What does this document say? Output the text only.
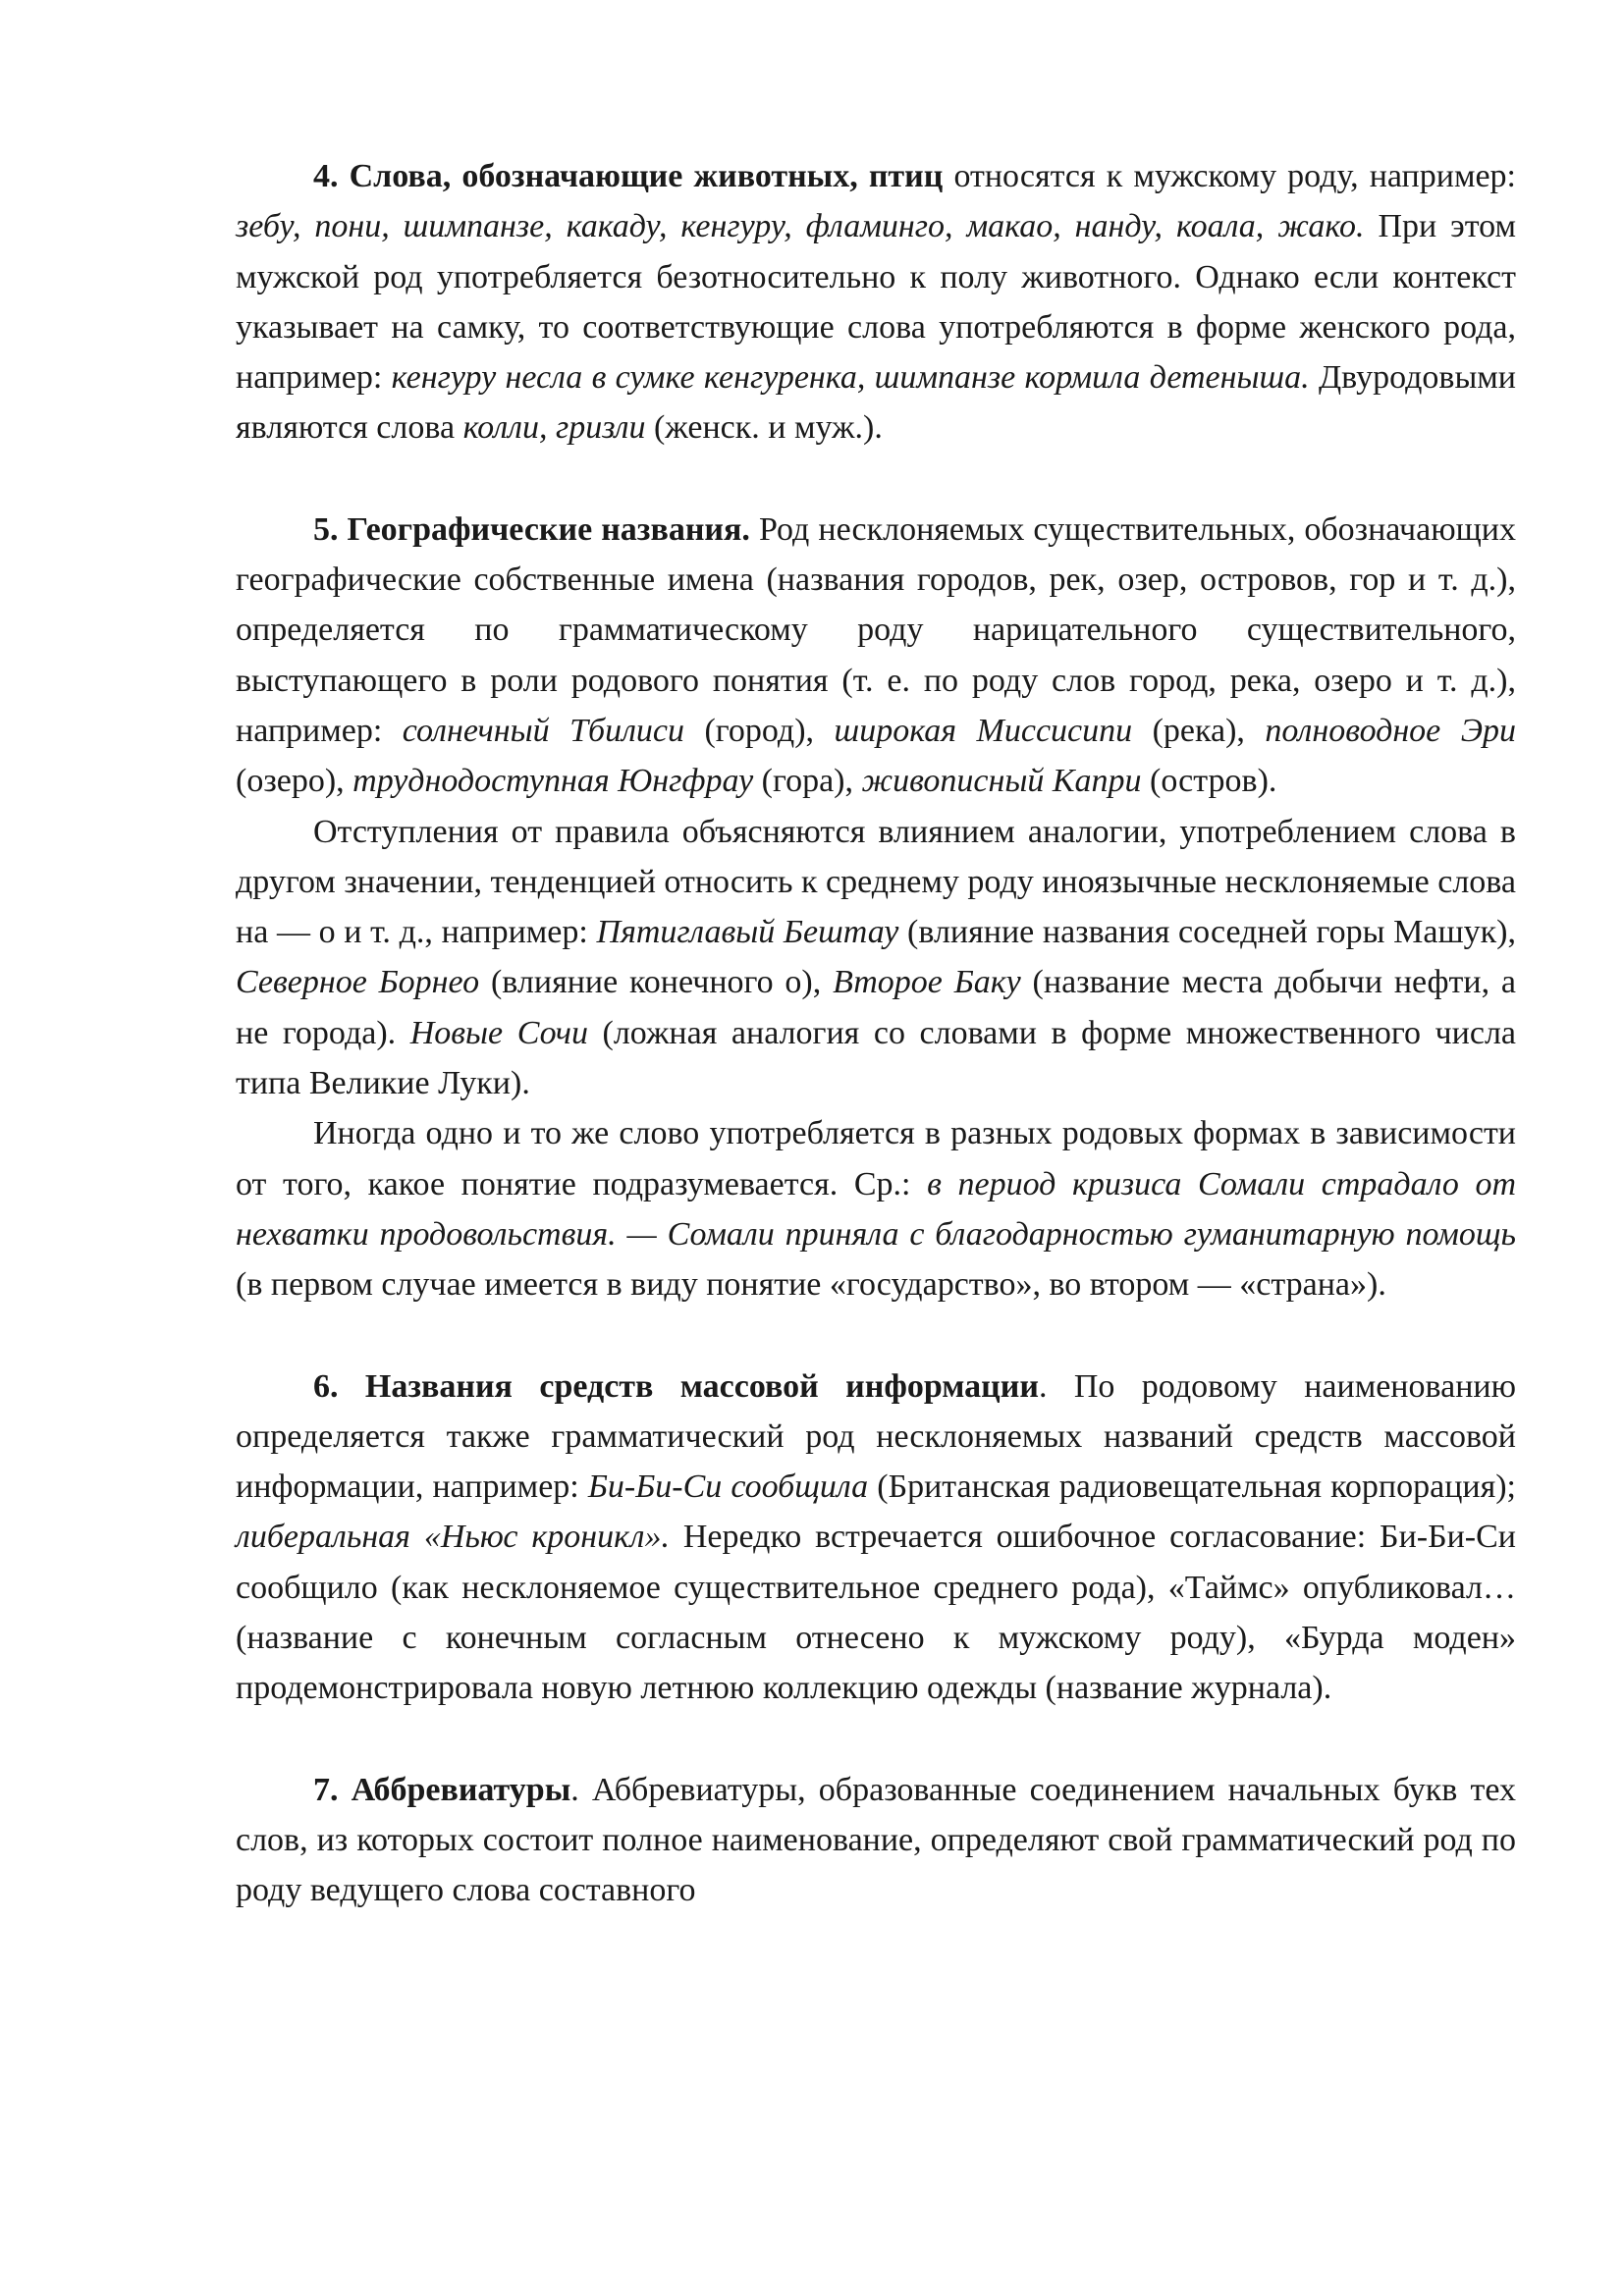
4. Слова, обозначающие животных, птиц относятся к мужскому роду, например: зебу, пони, шимпанзе, какаду, кенгуру, фламинго, макао, нанду, коала, жако. При этом мужской род употребляется безотносительно к полу животного. Однако если контекст указывает на самку, то соответствующие слова употребляются в форме женского рода, например: кенгуру несла в сумке кенгуренка, шимпанзе кормила детеныша. Двуродовыми являются слова колли, гризли (женск. и муж.).

5. Географические названия. Род несклоняемых существительных, обозначающих географические собственные имена (названия городов, рек, озер, островов, гор и т. д.), определяется по грамматическому роду нарицательного существительного, выступающего в роли родового понятия (т. е. по роду слов город, река, озеро и т. д.), например: солнечный Тбилиси (город), широкая Миссисипи (река), полноводное Эри (озеро), труднодоступная Юнгфрау (гора), живописный Капри (остров).

Отступления от правила объясняются влиянием аналогии, употреблением слова в другом значении, тенденцией относить к среднему роду иноязычные несклоняемые слова на — о и т. д., например: Пятиглавый Бештау (влияние названия соседней горы Машук), Северное Борнео (влияние конечного о), Второе Баку (название места добычи нефти, а не города). Новые Сочи (ложная аналогия со словами в форме множественного числа типа Великие Луки).

Иногда одно и то же слово употребляется в разных родовых формах в зависимости от того, какое понятие подразумевается. Ср.: в период кризиса Сомали страдало от нехватки продовольствия. — Сомали приняла с благодарностью гуманитарную помощь (в первом случае имеется в виду понятие «государство», во втором — «страна»).

6. Названия средств массовой информации. По родовому наименованию определяется также грамматический род несклоняемых названий средств массовой информации, например: Би-Би-Си сообщила (Британская радиовещательная корпорация); либеральная «Ньюс кроникл». Нередко встречается ошибочное согласование: Би-Би-Си сообщило (как несклоняемое существительное среднего рода), «Таймс» опубликовал… (название с конечным согласным отнесено к мужскому роду), «Бурда моден» продемонстрировала новую летнюю коллекцию одежды (название журнала).

7. Аббревиатуры. Аббревиатуры, образованные соединением начальных букв тех слов, из которых состоит полное наименование, определяют свой грамматический род по роду ведущего слова составного
